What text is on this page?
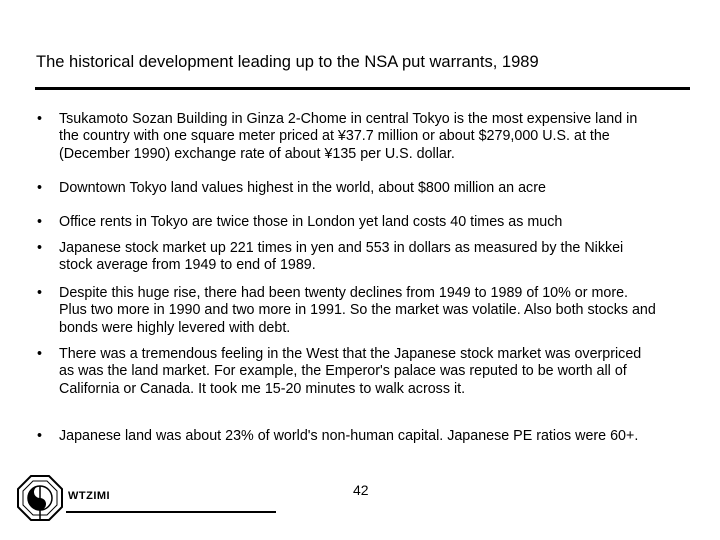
The historical development leading up to the NSA put warrants, 1989
•	Tsukamoto Sozan Building in Ginza 2-Chome in central Tokyo is the most expensive land in the country with one square meter priced at ¥37.7 million or about $279,000 U.S. at the (December 1990) exchange rate of about ¥135 per U.S. dollar.
•	Downtown Tokyo land values highest in the world, about $800 million an acre
•	Office rents in Tokyo are twice those in London yet land costs 40 times as much
•	Japanese stock market up 221 times in yen and 553 in dollars as measured by the Nikkei stock average from 1949 to end of 1989.
•	Despite this huge rise, there had been twenty declines from 1949 to 1989 of 10% or more. Plus two more in 1990 and two more in 1991. So the market was volatile. Also both stocks and bonds were highly levered with debt.
•	There was a tremendous feeling in the West that the Japanese stock market was overpriced as was the land market. For example, the Emperor's palace was reputed to be worth all of California or Canada. It took me 15-20 minutes to walk across it.
•	Japanese land was about 23% of world's non-human capital. Japanese PE ratios were 60+.
WTZIMI	42
